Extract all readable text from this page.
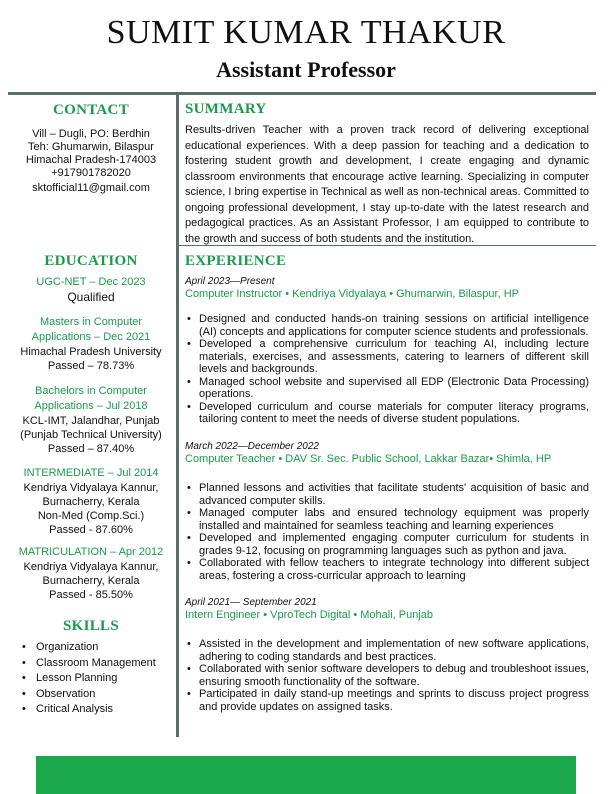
SUMIT KUMAR THAKUR
Assistant Professor
CONTACT
Vill – Dugli, PO: Berdhin
Teh: Ghumarwin, Bilaspur
Himachal Pradesh-174003
+917901782020
sktofficial11@gmail.com
EDUCATION
UGC-NET – Dec 2023
Qualified
Masters in Computer
Applications – Dec 2021
Himachal Pradesh University
Passed – 78.73%
Bachelors in Computer
Applications – Jul 2018
KCL-IMT, Jalandhar, Punjab
(Punjab Technical University)
Passed – 87.40%
INTERMEDIATE – Jul 2014
Kendriya Vidyalaya Kannur,
Burnacherry, Kerala
Non-Med (Comp.Sci.)
Passed - 87.60%
MATRICULATION – Apr 2012
Kendriya Vidyalaya Kannur,
Burnacherry, Kerala
Passed - 85.50%
SKILLS
• Organization
• Classroom Management
• Lesson Planning
• Observation
• Critical Analysis
SUMMARY
Results-driven Teacher with a proven track record of delivering exceptional educational experiences. With a deep passion for teaching and a dedication to fostering student growth and development, I create engaging and dynamic classroom environments that encourage active learning. Specializing in computer science, I bring expertise in Technical as well as non-technical areas. Committed to ongoing professional development, I stay up-to-date with the latest research and pedagogical practices. As an Assistant Professor, I am equipped to contribute to the growth and success of both students and the institution.
EXPERIENCE
April 2023—Present
Computer Instructor • Kendriya Vidyalaya • Ghumarwin, Bilaspur, HP
• Designed and conducted hands-on training sessions on artificial intelligence (AI) concepts and applications for computer science students and professionals.
• Developed a comprehensive curriculum for teaching AI, including lecture materials, exercises, and assessments, catering to learners of different skill levels and backgrounds.
• Managed school website and supervised all EDP (Electronic Data Processing) operations.
• Developed curriculum and course materials for computer literacy programs, tailoring content to meet the needs of diverse student populations.
March 2022—December 2022
Computer Teacher • DAV Sr. Sec. Public School, Lakkar Bazar• Shimla, HP
• Planned lessons and activities that facilitate students' acquisition of basic and advanced computer skills.
• Managed computer labs and ensured technology equipment was properly installed and maintained for seamless teaching and learning experiences
• Developed and implemented engaging computer curriculum for students in grades 9-12, focusing on programming languages such as python and java.
• Collaborated with fellow teachers to integrate technology into different subject areas, fostering a cross-curricular approach to learning
April 2021— September 2021
Intern Engineer • VproTech Digital • Mohali, Punjab
• Assisted in the development and implementation of new software applications, adhering to coding standards and best practices.
• Collaborated with senior software developers to debug and troubleshoot issues, ensuring smooth functionality of the software.
• Participated in daily stand-up meetings and sprints to discuss project progress and provide updates on assigned tasks.
